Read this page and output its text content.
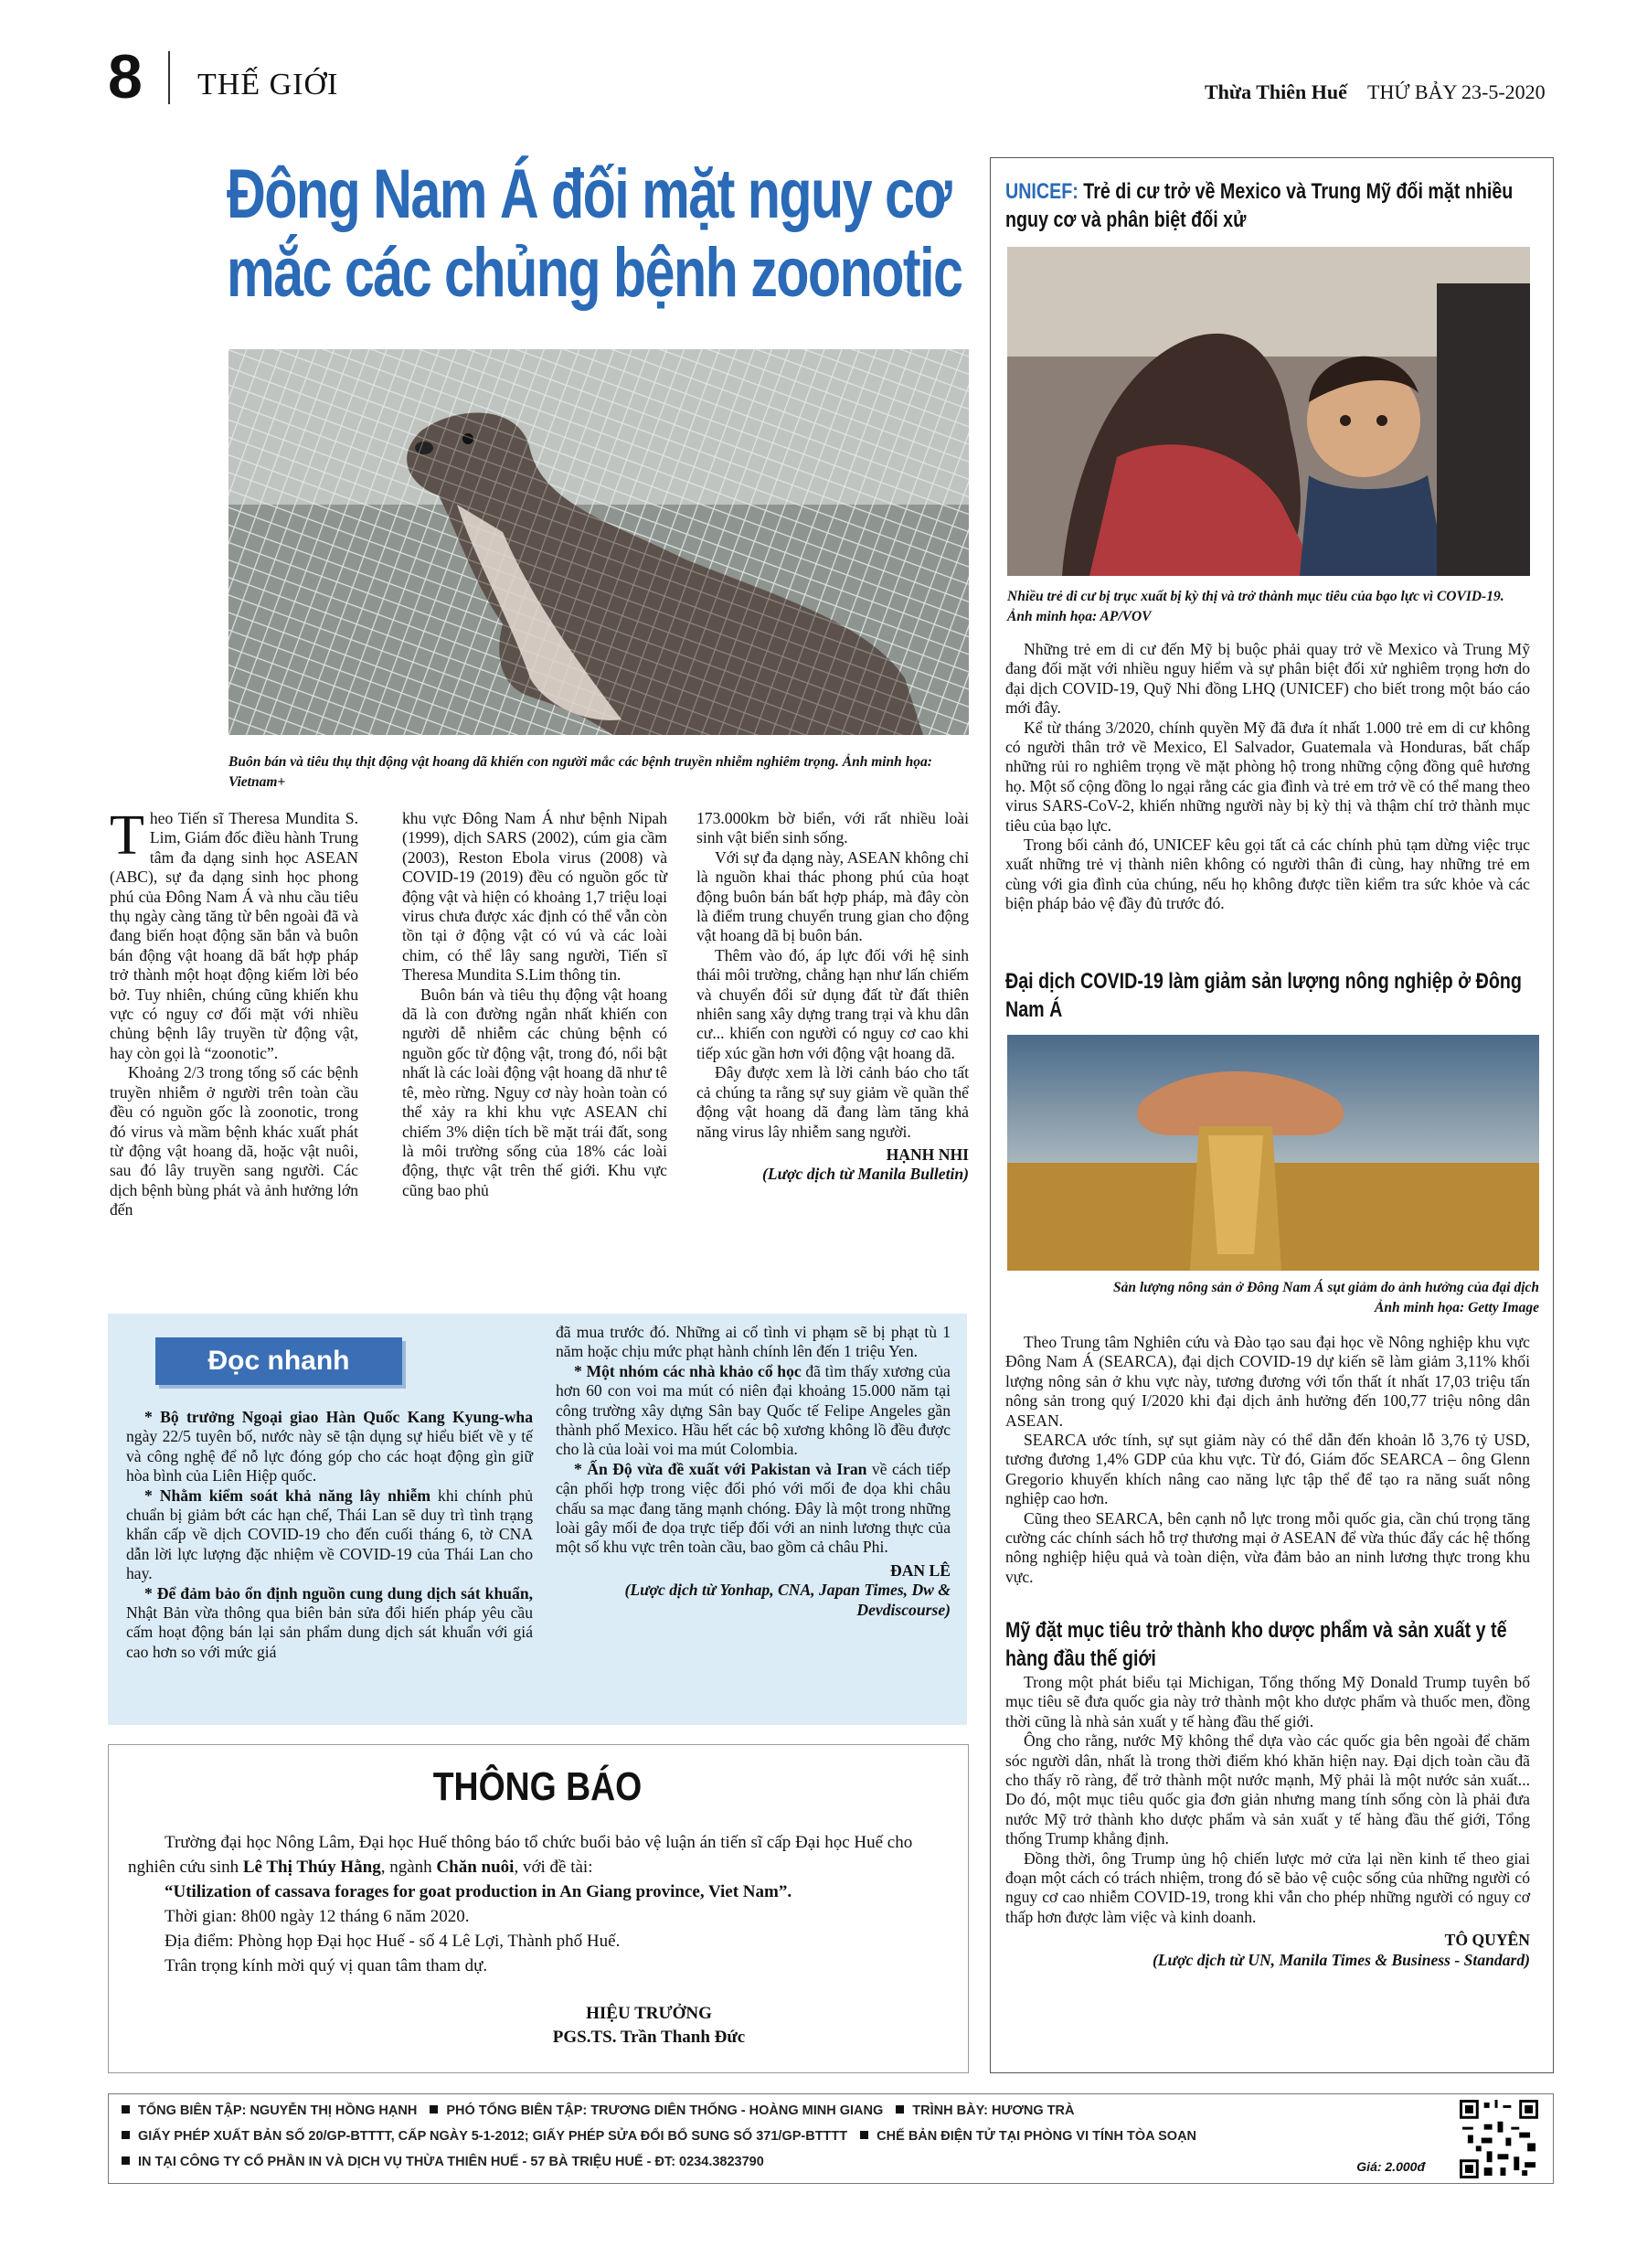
8 THẾ GIỚI	Thừa Thiên Huế THỨ BẢY 23-5-2020
Đông Nam Á đối mặt nguy cơ mắc các chủng bệnh zoonotic
Buôn bán và tiêu thụ thịt động vật hoang dã khiến con người mắc các bệnh truyền nhiễm nghiêm trọng. Ảnh minh họa: Vietnam+

Theo Tiến sĩ Theresa Mundita S. Lim, Giám đốc điều hành Trung tâm đa dạng sinh học ASEAN (ABC), sự đa dạng sinh học phong phú của Đông Nam Á và nhu cầu tiêu thụ ngày càng tăng từ bên ngoài đã và đang biến hoạt động săn bắn và buôn bán động vật hoang dã bất hợp pháp trở thành một hoạt động kiếm lời béo bở. Tuy nhiên, chúng cũng khiến khu vực có nguy cơ đối mặt với nhiều chủng bệnh lây truyền từ động vật, hay còn gọi là “zoonotic”.

Khoảng 2/3 trong tổng số các bệnh truyền nhiễm ở người trên toàn cầu đều có nguồn gốc là zoonotic, trong đó virus và mầm bệnh khác xuất phát từ động vật hoang dã, hoặc vật nuôi, sau đó lây truyền sang người. Các dịch bệnh bùng phát và ảnh hưởng lớn đến

khu vực Đông Nam Á như bệnh Nipah (1999), dịch SARS (2002), cúm gia cầm (2003), Reston Ebola virus (2008) và COVID-19 (2019) đều có nguồn gốc từ động vật và hiện có khoảng 1,7 triệu loại virus chưa được xác định có thể vẫn còn tồn tại ở động vật có vú và các loài chim, có thể lây sang người, Tiến sĩ Theresa Mundita S.Lim thông tin.

Buôn bán và tiêu thụ động vật hoang dã là con đường ngắn nhất khiến con người dễ nhiễm các chủng bệnh có nguồn gốc từ động vật, trong đó, nổi bật nhất là các loài động vật hoang dã như tê tê, mèo rừng. Nguy cơ này hoàn toàn có thể xảy ra khi khu vực ASEAN chỉ chiếm 3% diện tích bề mặt trái đất, song là môi trường sống của 18% các loài động, thực vật trên thế giới. Khu vực cũng bao phủ

173.000km bờ biển, với rất nhiều loài sinh vật biển sinh sống.

Với sự đa dạng này, ASEAN không chỉ là nguồn khai thác phong phú của hoạt động buôn bán bất hợp pháp, mà đây còn là điểm trung chuyển trung gian cho động vật hoang dã bị buôn bán.

Thêm vào đó, áp lực đối với hệ sinh thái môi trường, chẳng hạn như lấn chiếm và chuyển đổi sử dụng đất từ đất thiên nhiên sang xây dựng trang trại và khu dân cư... khiến con người có nguy cơ cao khi tiếp xúc gần hơn với động vật hoang dã.

Đây được xem là lời cảnh báo cho tất cả chúng ta rằng sự suy giảm về quần thể động vật hoang dã đang làm tăng khả năng virus lây nhiễm sang người.

HẠNH NHI

(Lược dịch từ Manila Bulletin)

Đọc nhanh

* Bộ trưởng Ngoại giao Hàn Quốc Kang Kyung-wha ngày 22/5 tuyên bố, nước này sẽ tận dụng sự hiểu biết về y tế và công nghệ để nỗ lực đóng góp cho các hoạt động gìn giữ hòa bình của Liên Hiệp quốc.

* Nhằm kiểm soát khả năng lây nhiễm khi chính phủ chuẩn bị giảm bớt các hạn chế, Thái Lan sẽ duy trì tình trạng khẩn cấp về dịch COVID-19 cho đến cuối tháng 6, tờ CNA dẫn lời lực lượng đặc nhiệm về COVID-19 của Thái Lan cho hay.

* Để đảm bảo ổn định nguồn cung dung dịch sát khuẩn, Nhật Bản vừa thông qua biên bản sửa đổi hiến pháp yêu cầu cấm hoạt động bán lại sản phẩm dung dịch sát khuẩn với giá cao hơn so với mức giá

đã mua trước đó. Những ai cố tình vi phạm sẽ bị phạt tù 1 năm hoặc chịu mức phạt hành chính lên đến 1 triệu Yen.

* Một nhóm các nhà khảo cổ học đã tìm thấy xương của hơn 60 con voi ma mút có niên đại khoảng 15.000 năm tại công trường xây dựng Sân bay Quốc tế Felipe Angeles gần thành phố Mexico. Hầu hết các bộ xương không lồ đều được cho là của loài voi ma mút Colombia.

* Ấn Độ vừa đề xuất với Pakistan và Iran về cách tiếp cận phối hợp trong việc đối phó với mối đe dọa khi châu chấu sa mạc đang tăng mạnh chóng. Đây là một trong những loài gây mối đe dọa trực tiếp đối với an ninh lương thực của một số khu vực trên toàn cầu, bao gồm cả châu Phi.

ĐAN LÊ

(Lược dịch từ Yonhap, CNA, Japan Times, Dw & Devdiscourse)

THÔNG BÁO

Trường đại học Nông Lâm, Đại học Huế thông báo tổ chức buổi bảo vệ luận án tiến sĩ cấp Đại học Huế cho nghiên cứu sinh Lê Thị Thúy Hằng, ngành Chăn nuôi, với đề tài:

“Utilization of cassava forages for goat production in An Giang province, Viet Nam”.

Thời gian: 8h00 ngày 12 tháng 6 năm 2020.

Địa điểm: Phòng họp Đại học Huế - số 4 Lê Lợi, Thành phố Huế.

Trân trọng kính mời quý vị quan tâm tham dự.

HIỆU TRƯỞNG
PGS.TS. Trần Thanh Đức
UNICEF: Trẻ di cư trở về Mexico và Trung Mỹ đối mặt nhiều nguy cơ và phân biệt đối xử
Nhiều trẻ di cư bị trục xuất bị kỳ thị và trở thành mục tiêu của bạo lực vì COVID-19. Ảnh minh họa: AP/VOV

Những trẻ em di cư đến Mỹ bị buộc phải quay trở về Mexico và Trung Mỹ đang đối mặt với nhiều nguy hiểm và sự phân biệt đối xử nghiêm trọng hơn do đại dịch COVID-19, Quỹ Nhi đồng LHQ (UNICEF) cho biết trong một báo cáo mới đây.

Kể từ tháng 3/2020, chính quyền Mỹ đã đưa ít nhất 1.000 trẻ em di cư không có người thân trở về Mexico, El Salvador, Guatemala và Honduras, bất chấp những rủi ro nghiêm trọng về mặt phòng hộ trong những cộng đồng quê hương họ. Một số cộng đồng lo ngại rằng các gia đình và trẻ em trở về có thể mang theo virus SARS-CoV-2, khiến những người này bị kỳ thị và thậm chí trở thành mục tiêu của bạo lực.

Trong bối cảnh đó, UNICEF kêu gọi tất cả các chính phủ tạm dừng việc trục xuất những trẻ vị thành niên không có người thân đi cùng, hay những trẻ em cùng với gia đình của chúng, nếu họ không được tiền kiểm tra sức khỏe và các biện pháp bảo vệ đầy đủ trước đó.

Đại dịch COVID-19 làm giảm sản lượng nông nghiệp ở Đông Nam Á
Sản lượng nông sản ở Đông Nam Á sụt giảm do ảnh hưởng của đại dịch
Ảnh minh họa: Getty Image

Theo Trung tâm Nghiên cứu và Đào tạo sau đại học về Nông nghiệp khu vực Đông Nam Á (SEARCA), đại dịch COVID-19 dự kiến sẽ làm giảm 3,11% khối lượng nông sản ở khu vực này, tương đương với tổn thất ít nhất 17,03 triệu tấn nông sản trong quý I/2020 khi đại dịch ảnh hưởng đến 100,77 triệu nông dân ASEAN.

SEARCA ước tính, sự sụt giảm này có thể dẫn đến khoản lỗ 3,76 tỷ USD, tương đương 1,4% GDP của khu vực. Từ đó, Giám đốc SEARCA – ông Glenn Gregorio khuyến khích nâng cao năng lực tập thể để tạo ra năng suất nông nghiệp cao hơn.

Cũng theo SEARCA, bên cạnh nỗ lực trong mỗi quốc gia, cần chú trọng tăng cường các chính sách hỗ trợ thương mại ở ASEAN để vừa thúc đẩy các hệ thống nông nghiệp hiệu quả và toàn diện, vừa đảm bảo an ninh lương thực trong khu vực.

Mỹ đặt mục tiêu trở thành kho dược phẩm và sản xuất y tế hàng đầu thế giới

Trong một phát biểu tại Michigan, Tổng thống Mỹ Donald Trump tuyên bố mục tiêu sẽ đưa quốc gia này trở thành một kho dược phẩm và thuốc men, đồng thời cũng là nhà sản xuất y tế hàng đầu thế giới.

Ông cho rằng, nước Mỹ không thể dựa vào các quốc gia bên ngoài để chăm sóc người dân, nhất là trong thời điểm khó khăn hiện nay. Đại dịch toàn cầu đã cho thấy rõ ràng, để trở thành một nước mạnh, Mỹ phải là một nước sản xuất... Do đó, một mục tiêu quốc gia đơn giản nhưng mang tính sống còn là phải đưa nước Mỹ trở thành kho dược phẩm và sản xuất y tế hàng đầu thế giới, Tổng thống Trump khẳng định.

Đồng thời, ông Trump ủng hộ chiến lược mở cửa lại nền kinh tế theo giai đoạn một cách có trách nhiệm, trong đó sẽ bảo vệ cuộc sống của những người có nguy cơ cao nhiễm COVID-19, trong khi vẫn cho phép những người có nguy cơ thấp hơn được làm việc và kinh doanh.

TÔ QUYÊN

(Lược dịch từ UN, Manila Times & Business - Standard)

TỔNG BIÊN TẬP: NGUYỄN THỊ HỒNG HẠNH PHÓ TỔNG BIÊN TẬP: TRƯƠNG DIÊN THỐNG - HOÀNG MINH GIANG TRÌNH BÀY: HƯƠNG TRÀ
GIẤY PHÉP XUẤT BẢN SỐ 20/GP-BTTTT, CẤP NGÀY 5-1-2012; GIẤY PHÉP SỬA ĐỔI BỔ SUNG SỐ 371/GP-BTTTT CHẾ BẢN ĐIỆN TỬ TẠI PHÒNG VI TÍNH TÒA SOẠN
IN TẠI CÔNG TY CỔ PHẦN IN VÀ DỊCH VỤ THỪA THIÊN HUẾ - 57 BÀ TRIỆU HUẾ - ĐT: 0234.3823790	Giá: 2.000đ
